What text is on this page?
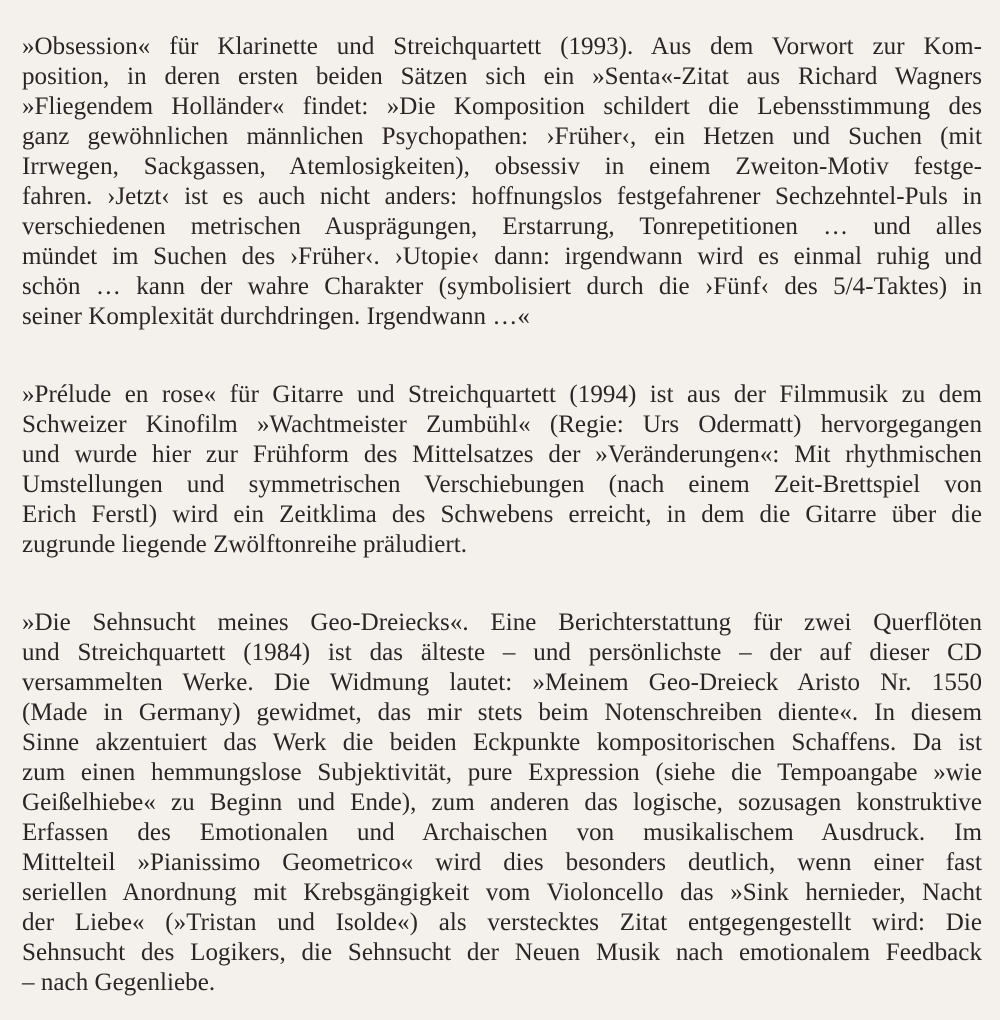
»Obsession« für Klarinette und Streichquartett (1993). Aus dem Vorwort zur Kom-
position, in deren ersten beiden Sätzen sich ein »Senta«-Zitat aus Richard Wagners
»Fliegendem Holländer« findet: »Die Komposition schildert die Lebensstimmung des
ganz gewöhnlichen männlichen Psychopathen: ›Früher‹, ein Hetzen und Suchen (mit
Irrwegen, Sackgassen, Atemlosigkeiten), obsessiv in einem Zweiton-Motiv festge-
fahren. ›Jetzt‹ ist es auch nicht anders: hoffnungslos festgefahrener Sechzehntel-Puls in
verschiedenen metrischen Ausprägungen, Erstarrung, Tonrepetitionen … und alles
mündet im Suchen des ›Früher‹. ›Utopie‹ dann: irgendwann wird es einmal ruhig und
schön … kann der wahre Charakter (symbolisiert durch die ›Fünf‹ des 5/4-Taktes) in
seiner Komplexität durchdringen. Irgendwann …«
»Prélude en rose« für Gitarre und Streichquartett (1994) ist aus der Filmmusik zu dem
Schweizer Kinofilm »Wachtmeister Zumbühl« (Regie: Urs Odermatt) hervorgegangen
und wurde hier zur Frühform des Mittelsatzes der »Veränderungen«: Mit rhythmischen
Umstellungen und symmetrischen Verschiebungen (nach einem Zeit-Brettspiel von
Erich Ferstl) wird ein Zeitklima des Schwebens erreicht, in dem die Gitarre über die
zugrunde liegende Zwölftonreihe präludiert.
»Die Sehnsucht meines Geo-Dreiecks«. Eine Berichterstattung für zwei Querflöten
und Streichquartett (1984) ist das älteste – und persönlichste – der auf dieser CD
versammelten Werke. Die Widmung lautet: »Meinem Geo-Dreieck Aristo Nr. 1550
(Made in Germany) gewidmet, das mir stets beim Notenschreiben diente«. In diesem
Sinne akzentuiert das Werk die beiden Eckpunkte kompositorischen Schaffens. Da ist
zum einen hemmungslose Subjektivität, pure Expression (siehe die Tempoangabe »wie
Geißelhiebe« zu Beginn und Ende), zum anderen das logische, sozusagen konstruktive
Erfassen des Emotionalen und Archaischen von musikalischem Ausdruck. Im
Mittelteil »Pianissimo Geometrico« wird dies besonders deutlich, wenn einer fast
seriellen Anordnung mit Krebsgängigkeit vom Violoncello das »Sink hernieder, Nacht
der Liebe« (»Tristan und Isolde«) als verstecktes Zitat entgegengestellt wird: Die
Sehnsucht des Logikers, die Sehnsucht der Neuen Musik nach emotionalem Feedback
– nach Gegenliebe.
